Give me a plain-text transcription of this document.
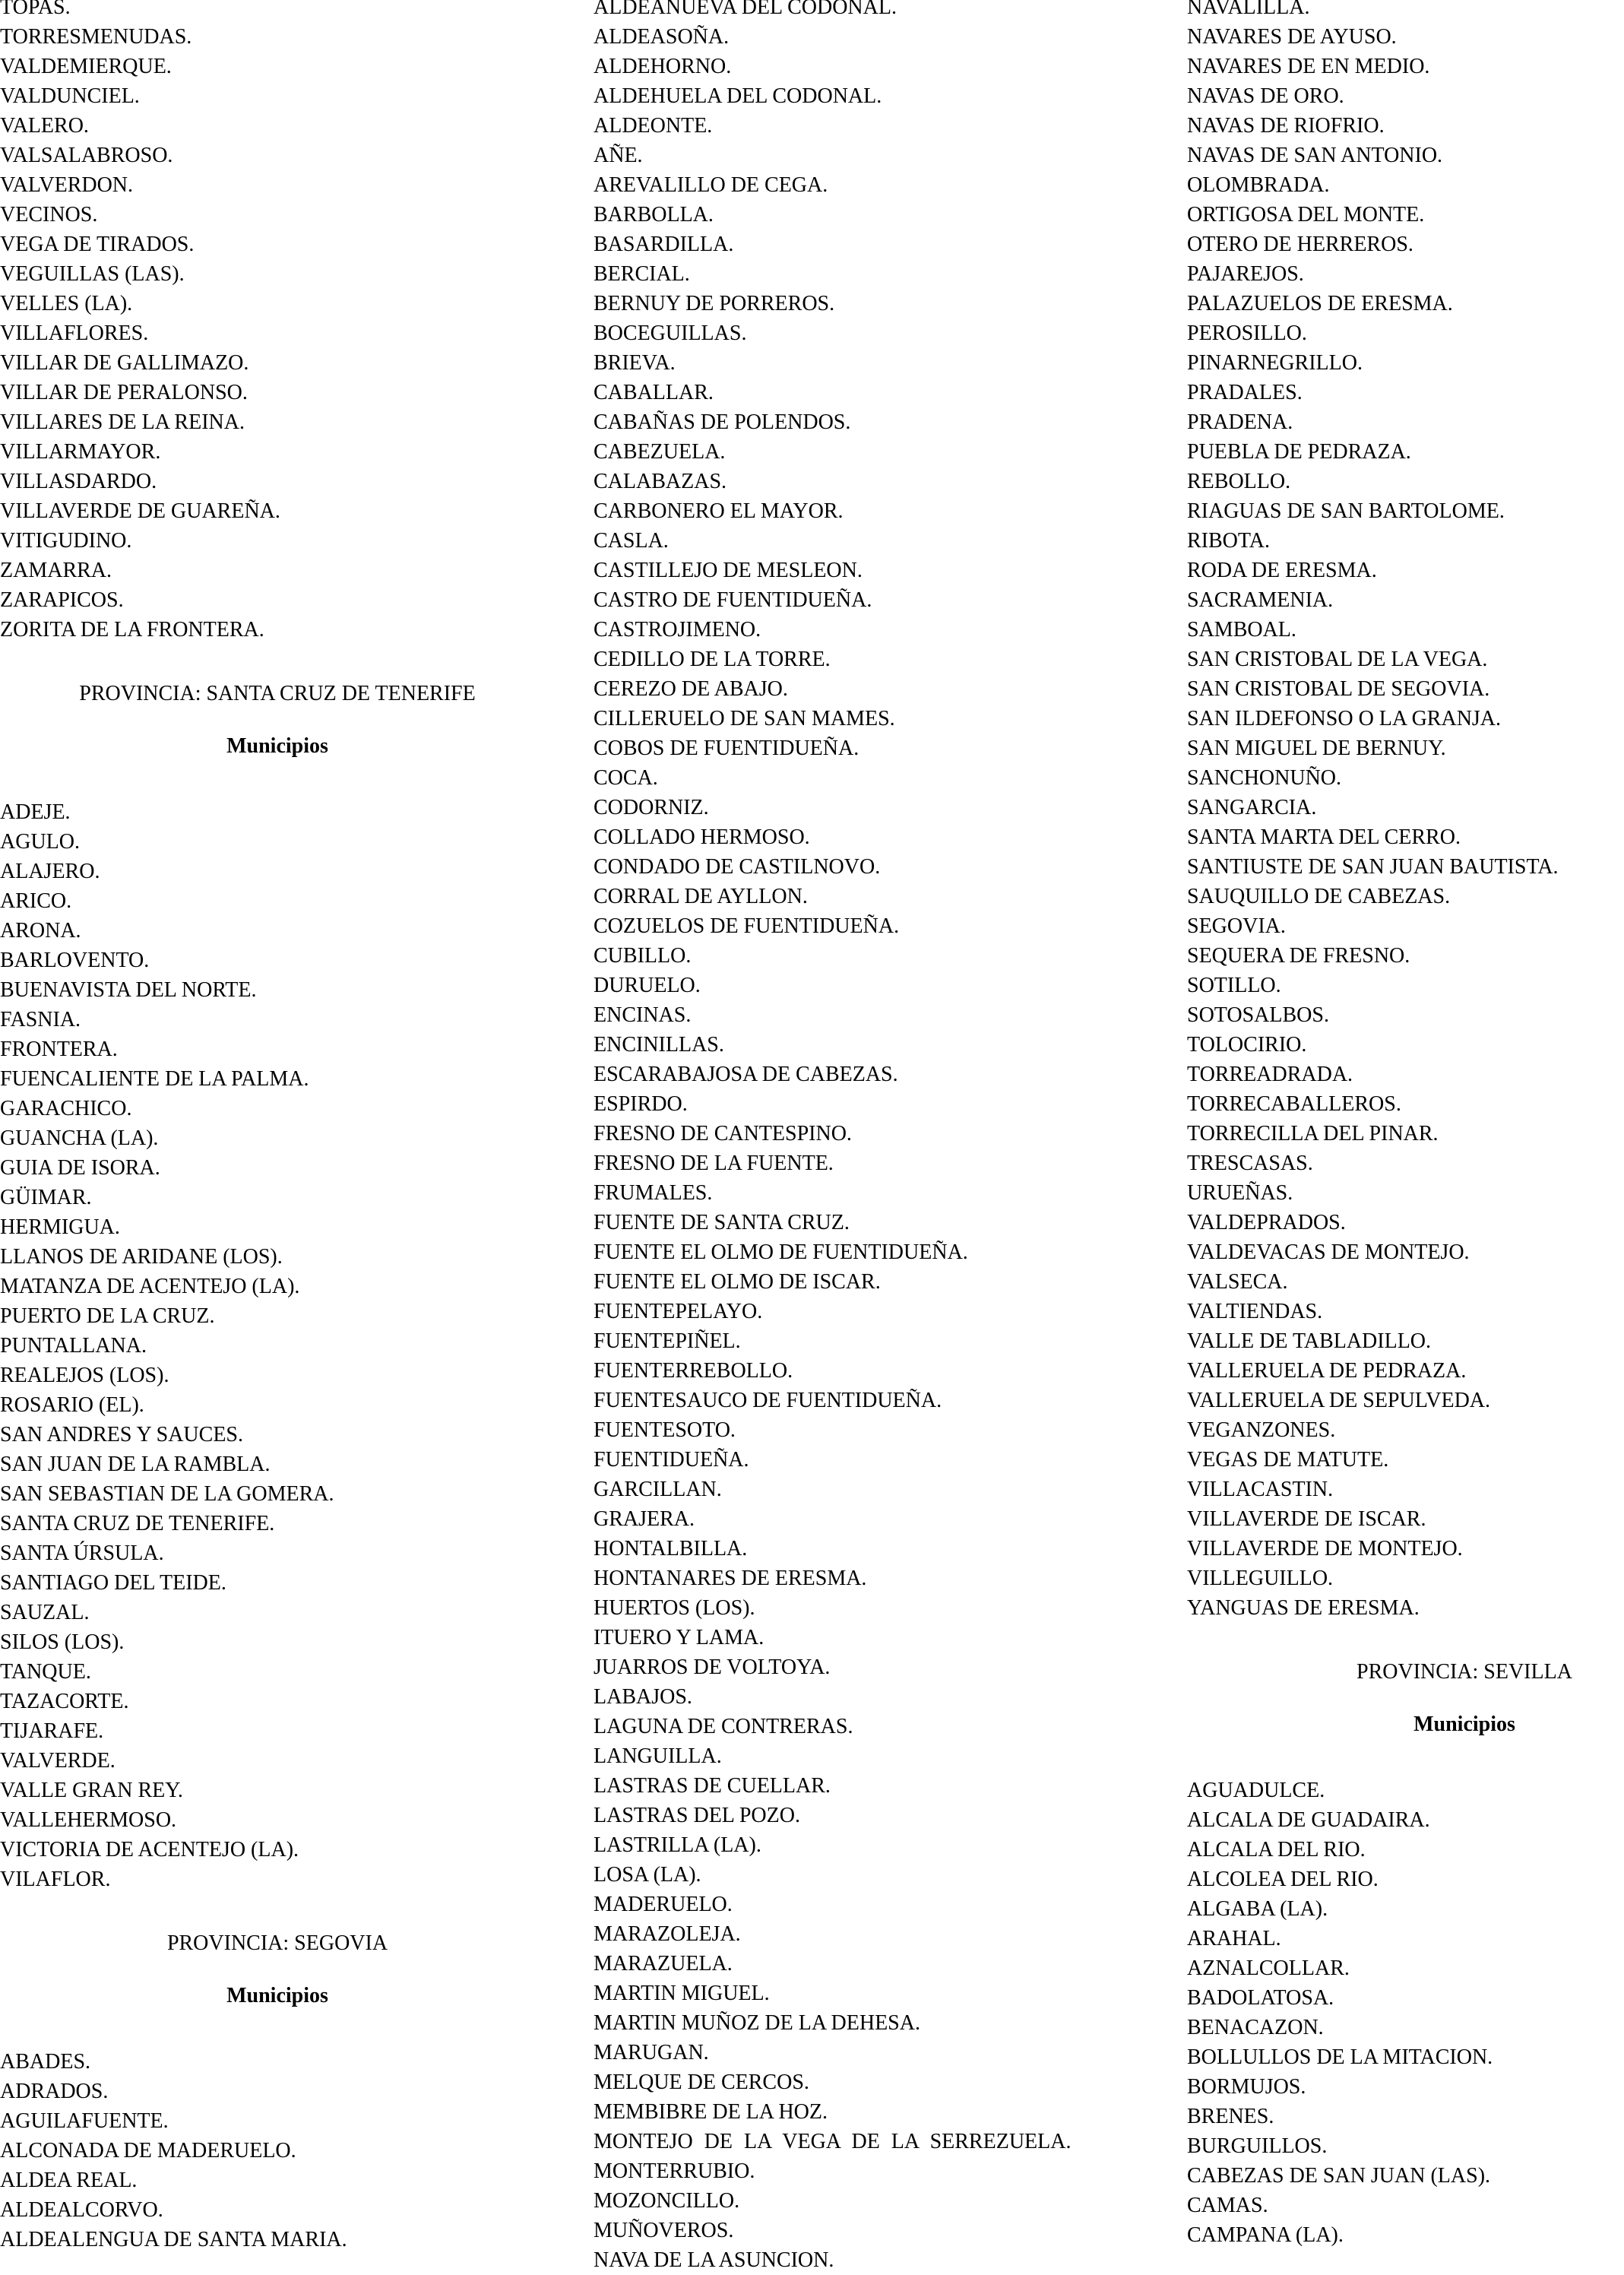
TOPAS.
TORRESMENUDAS.
VALDEMIERQUE.
VALDUNCIEL.
VALERO.
VALSALABROSO.
VALVERDON.
VECINOS.
VEGA DE TIRADOS.
VEGUILLAS (LAS).
VELLES (LA).
VILLAFLORES.
VILLAR DE GALLIMAZO.
VILLAR DE PERALONSO.
VILLARES DE LA REINA.
VILLARMAYOR.
VILLASDARDO.
VILLAVERDE DE GUAREÑA.
VITIGUDINO.
ZAMARRA.
ZARAPICOS.
ZORITA DE LA FRONTERA.
PROVINCIA: SANTA CRUZ DE TENERIFE
Municipios
ADEJE.
AGULO.
ALAJERO.
ARICO.
ARONA.
BARLOVENTO.
BUENAVISTA DEL NORTE.
FASNIA.
FRONTERA.
FUENCALIENTE DE LA PALMA.
GARACHICO.
GUANCHA (LA).
GUIA DE ISORA.
GÜIMAR.
HERMIGUA.
LLANOS DE ARIDANE (LOS).
MATANZA DE ACENTEJO (LA).
PUERTO DE LA CRUZ.
PUNTALLANA.
REALEJOS (LOS).
ROSARIO (EL).
SAN ANDRES Y SAUCES.
SAN JUAN DE LA RAMBLA.
SAN SEBASTIAN DE LA GOMERA.
SANTA CRUZ DE TENERIFE.
SANTA ÚRSULA.
SANTIAGO DEL TEIDE.
SAUZAL.
SILOS (LOS).
TANQUE.
TAZACORTE.
TIJARAFE.
VALVERDE.
VALLE GRAN REY.
VALLEHERMOSO.
VICTORIA DE ACENTEJO (LA).
VILAFLOR.
PROVINCIA: SEGOVIA
Municipios
ABADES.
ADRADOS.
AGUILAFUENTE.
ALCONADA DE MADERUELO.
ALDEA REAL.
ALDEALCORVO.
ALDEALENGUA DE SANTA MARIA.
ALDEANUEVA DEL CODONAL.
ALDEASOÑA.
ALDEHORNO.
ALDEHUELA DEL CODONAL.
ALDEONTE.
AÑE.
AREVALILLO DE CEGA.
BARBOLLA.
BASARDILLA.
BERCIAL.
BERNUY DE PORREROS.
BOCEGUILLAS.
BRIEVA.
CABALLAR.
CABAÑAS DE POLENDOS.
CABEZUELA.
CALABAZAS.
CARBONERO EL MAYOR.
CASLA.
CASTILLEJO DE MESLEON.
CASTRO DE FUENTIDUEÑA.
CASTROJIMENO.
CEDILLO DE LA TORRE.
CEREZO DE ABAJO.
CILLERUELO DE SAN MAMES.
COBOS DE FUENTIDUEÑA.
COCA.
CODORNIZ.
COLLADO HERMOSO.
CONDADO DE CASTILNOVO.
CORRAL DE AYLLON.
COZUELOS DE FUENTIDUEÑA.
CUBILLO.
DURUELO.
ENCINAS.
ENCINILLAS.
ESCARABAJOSA DE CABEZAS.
ESPIRDO.
FRESNO DE CANTESPINO.
FRESNO DE LA FUENTE.
FRUMALES.
FUENTE DE SANTA CRUZ.
FUENTE EL OLMO DE FUENTIDUEÑA.
FUENTE EL OLMO DE ISCAR.
FUENTEPELAYO.
FUENTEPIÑEL.
FUENTERREBOLLO.
FUENTESAUCO DE FUENTIDUEÑA.
FUENTESOTO.
FUENTIDUEÑA.
GARCILLAN.
GRAJERA.
HONTALBILLA.
HONTANARES DE ERESMA.
HUERTOS (LOS).
ITUERO Y LAMA.
JUARROS DE VOLTOYA.
LABAJOS.
LAGUNA DE CONTRERAS.
LANGUILLA.
LASTRAS DE CUELLAR.
LASTRAS DEL POZO.
LASTRILLA (LA).
LOSA (LA).
MADERUELO.
MARAZOLEJA.
MARAZUELA.
MARTIN MIGUEL.
MARTIN MUÑOZ DE LA DEHESA.
MARUGAN.
MELQUE DE CERCOS.
MEMBIBRE DE LA HOZ.
MONTEJO DE LA VEGA DE LA SERREZUELA.
MONTERRUBIO.
MOZONCILLO.
MUÑOVEROS.
NAVA DE LA ASUNCION.
NAVALILLA.
NAVARES DE AYUSO.
NAVARES DE EN MEDIO.
NAVAS DE ORO.
NAVAS DE RIOFRIO.
NAVAS DE SAN ANTONIO.
OLOMBRADA.
ORTIGOSA DEL MONTE.
OTERO DE HERREROS.
PAJAREJOS.
PALAZUELOS DE ERESMA.
PEROSILLO.
PINARNEGRILLO.
PRADALES.
PRADENA.
PUEBLA DE PEDRAZA.
REBOLLO.
RIAGUAS DE SAN BARTOLOME.
RIBOTA.
RODA DE ERESMA.
SACRAMENIA.
SAMBOAL.
SAN CRISTOBAL DE LA VEGA.
SAN CRISTOBAL DE SEGOVIA.
SAN ILDEFONSO O LA GRANJA.
SAN MIGUEL DE BERNUY.
SANCHONUÑO.
SANGARCIA.
SANTA MARTA DEL CERRO.
SANTIUSTE DE SAN JUAN BAUTISTA.
SAUQUILLO DE CABEZAS.
SEGOVIA.
SEQUERA DE FRESNO.
SOTILLO.
SOTOSALBOS.
TOLOCIRIO.
TORREADRADA.
TORRECABALLEROS.
TORRECILLA DEL PINAR.
TRESCASAS.
URUEÑAS.
VALDEPRADOS.
VALDEVACAS DE MONTEJO.
VALSECA.
VALTIENDAS.
VALLE DE TABLADILLO.
VALLERUELA DE PEDRAZA.
VALLERUELA DE SEPULVEDA.
VEGANZONES.
VEGAS DE MATUTE.
VILLACASTIN.
VILLAVERDE DE ISCAR.
VILLAVERDE DE MONTEJO.
VILLEGUILLO.
YANGUAS DE ERESMA.
PROVINCIA: SEVILLA
Municipios
AGUADULCE.
ALCALA DE GUADAIRA.
ALCALA DEL RIO.
ALCOLEA DEL RIO.
ALGABA (LA).
ARAHAL.
AZNALCOLLAR.
BADOLATOSA.
BENACAZON.
BOLLULLOS DE LA MITACION.
BORMUJOS.
BRENES.
BURGUILLOS.
CABEZAS DE SAN JUAN (LAS).
CAMAS.
CAMPANA (LA).
